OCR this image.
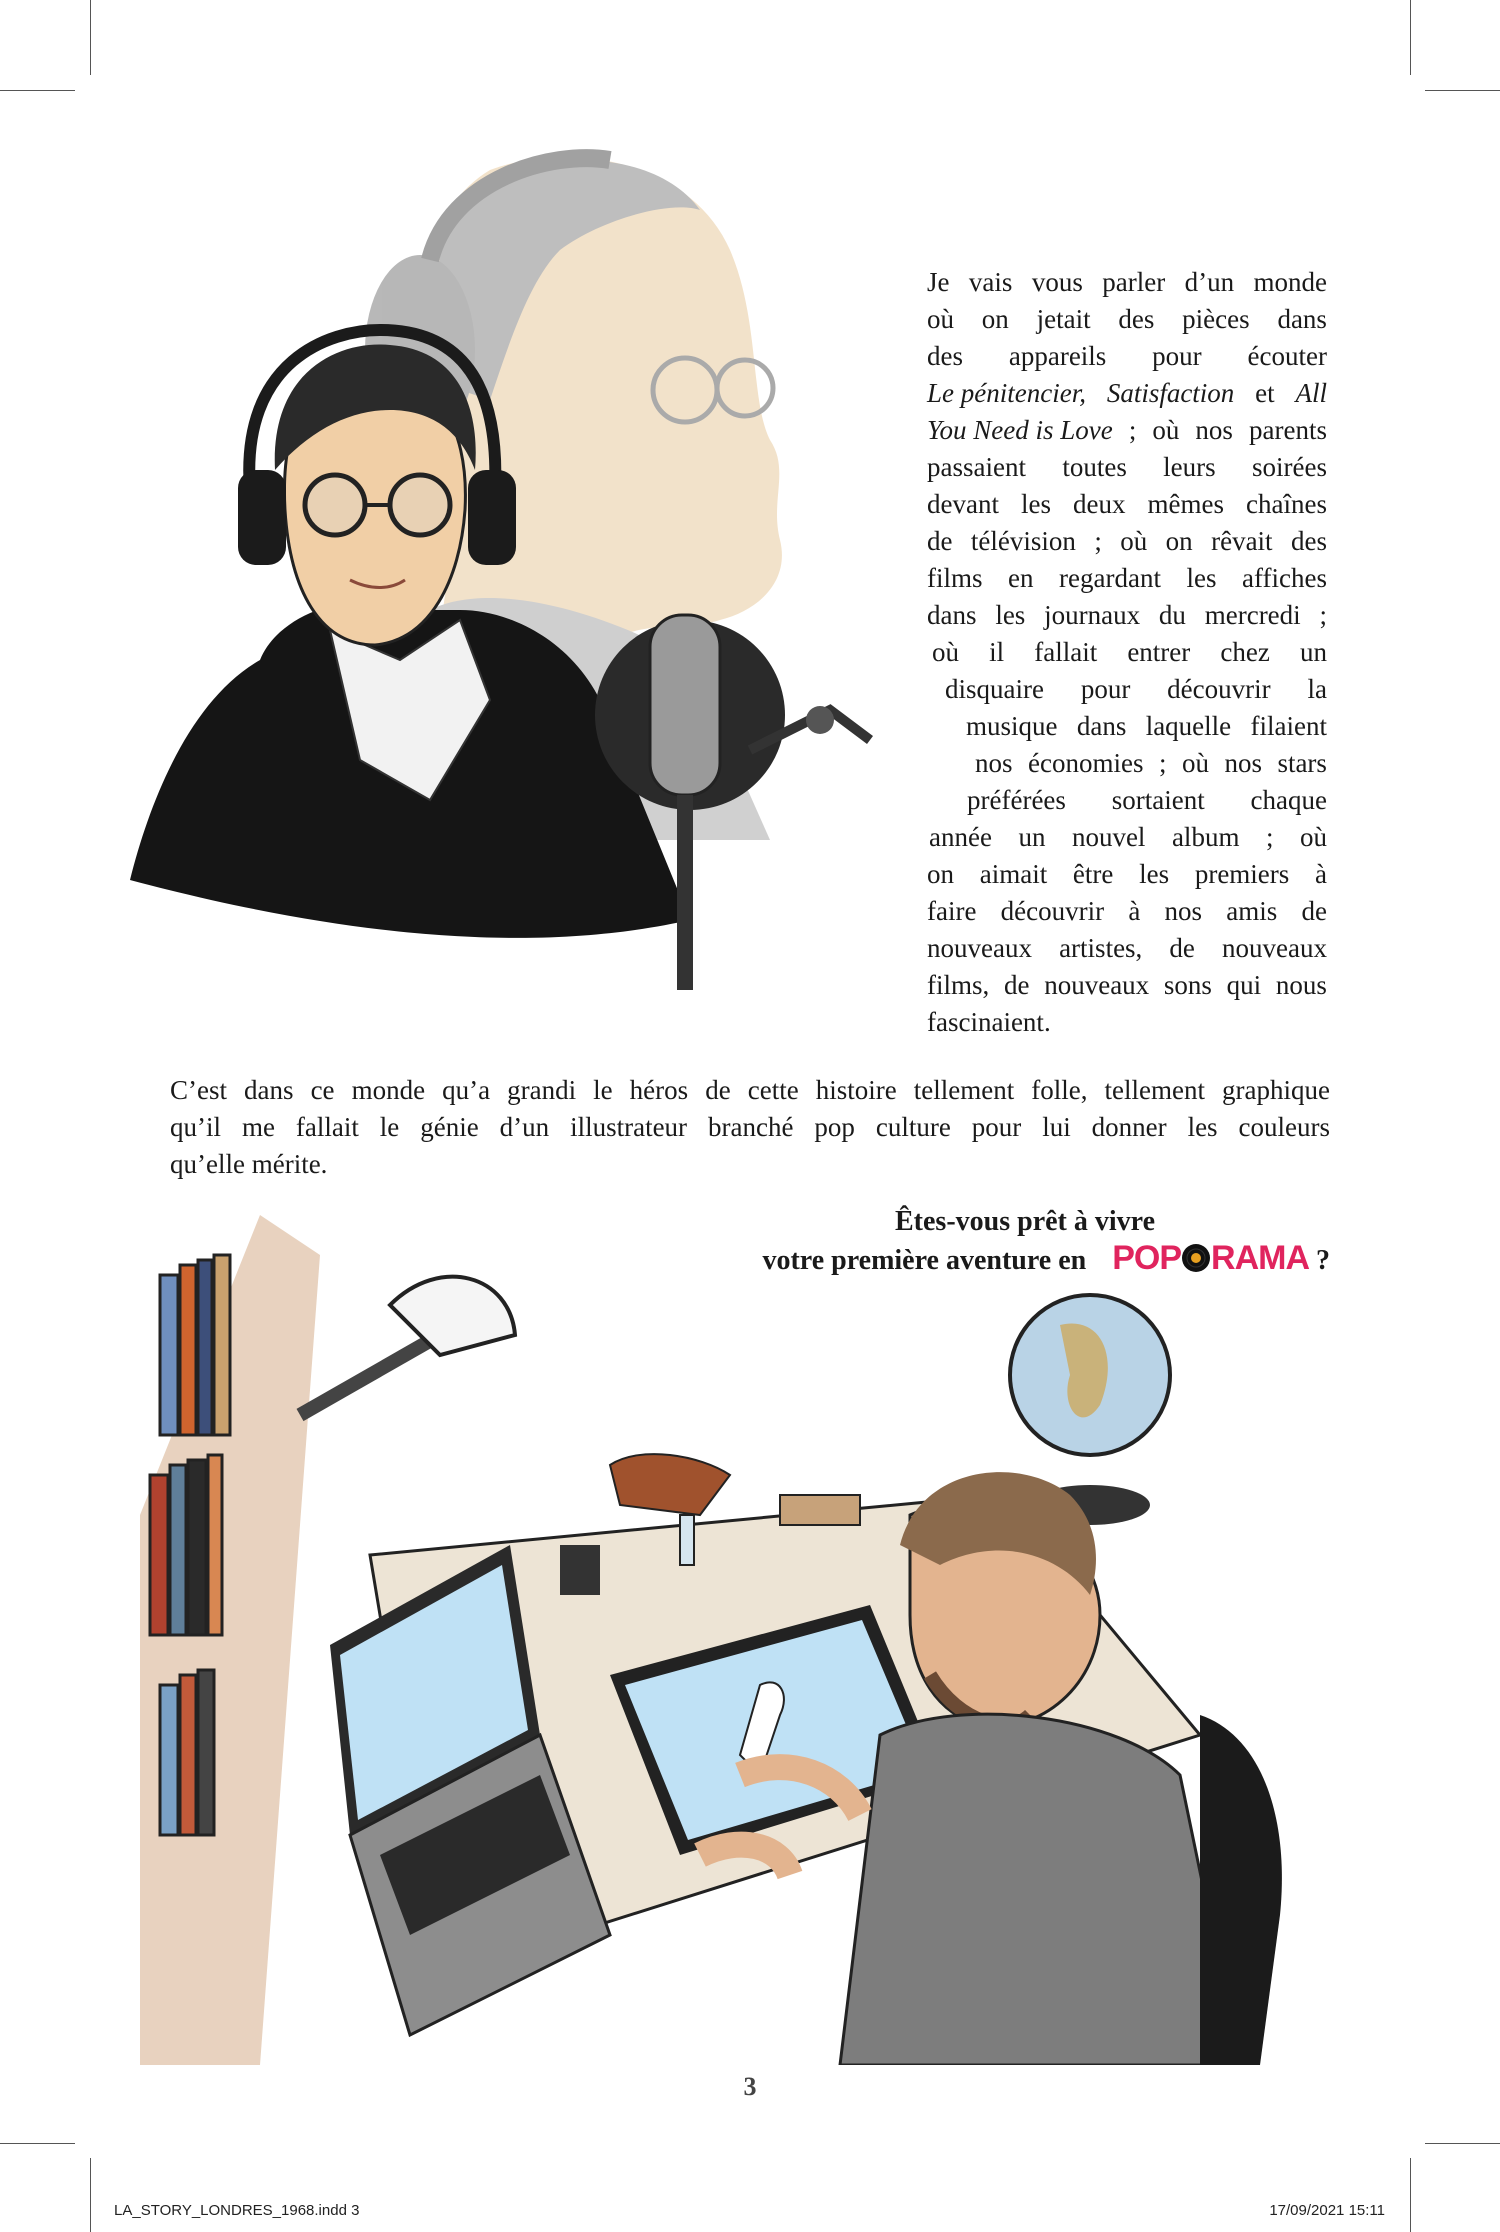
Je vais vous parler d’un monde
où on jetait des pièces dans
des appareils pour écouter
Le pénitencier, Satisfaction et All
You Need is Love ; où nos parents
passaient toutes leurs soirées
devant les deux mêmes chaînes
de télévision ; où on rêvait des
films en regardant les affiches
dans les journaux du mercredi ;
où il fallait entrer chez un
disquaire pour découvrir la
musique dans laquelle filaient
nos économies ; où nos stars
préférées sortaient chaque
année un nouvel album ; où
on aimait être les premiers à
faire découvrir à nos amis de
nouveaux artistes, de nouveaux
films, de nouveaux sons qui nous
fascinaient.
C’est dans ce monde qu’a grandi le héros de cette histoire tellement folle, tellement graphique
qu’il me fallait le génie d’un illustrateur branché pop culture pour lui donner les couleurs
qu’elle mérite.
Êtes-vous prêt à vivre
votre première aventure en POP RAMA ?
3
LA_STORY_LONDRES_1968.indd 3	17/09/2021 15:11
